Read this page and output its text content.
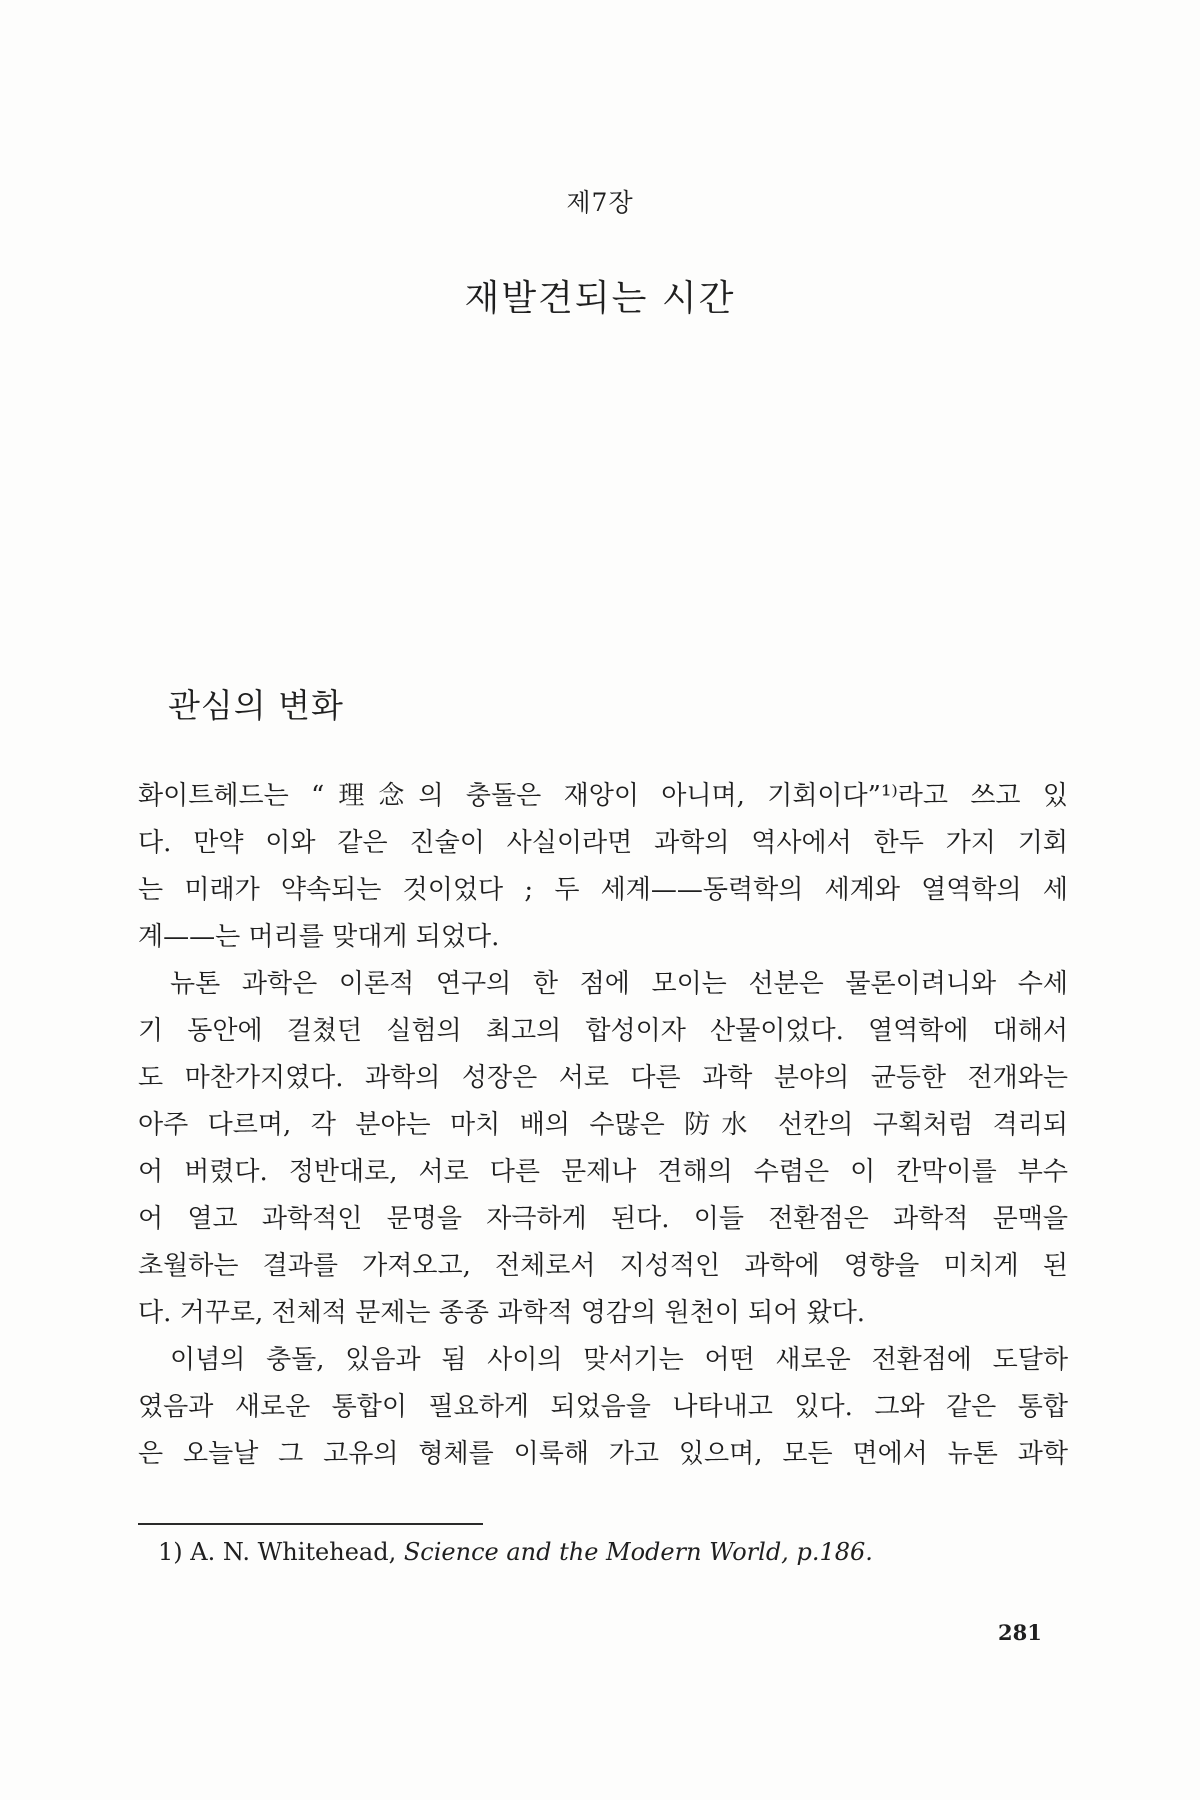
제7장
재발견되는 시간
관심의 변화
화이트헤드는 “理念의 충돌은 재앙이 아니며, 기회이다”¹⁾라고 쓰고 있
다. 만약 이와 같은 진술이 사실이라면 과학의 역사에서 한두 가지 기회
는 미래가 약속되는 것이었다 ; 두 세계——동력학의 세계와 열역학의 세
계——는 머리를 맞대게 되었다.
뉴톤 과학은 이론적 연구의 한 점에 모이는 선분은 물론이려니와 수세
기 동안에 걸쳤던 실험의 최고의 합성이자 산물이었다. 열역학에 대해서
도 마찬가지였다. 과학의 성장은 서로 다른 과학 분야의 균등한 전개와는
아주 다르며, 각 분야는 마치 배의 수많은 防水 선칸의 구획처럼 격리되
어 버렸다. 정반대로, 서로 다른 문제나 견해의 수렴은 이 칸막이를 부수
어 열고 과학적인 문명을 자극하게 된다. 이들 전환점은 과학적 문맥을
초월하는 결과를 가져오고, 전체로서 지성적인 과학에 영향을 미치게 된
다. 거꾸로, 전체적 문제는 종종 과학적 영감의 원천이 되어 왔다.
이념의 충돌, 있음과 됨 사이의 맞서기는 어떤 새로운 전환점에 도달하
였음과 새로운 통합이 필요하게 되었음을 나타내고 있다. 그와 같은 통합
은 오늘날 그 고유의 형체를 이룩해 가고 있으며, 모든 면에서 뉴톤 과학
1) A. N. Whitehead, Science and the Modern World, p.186.
281
